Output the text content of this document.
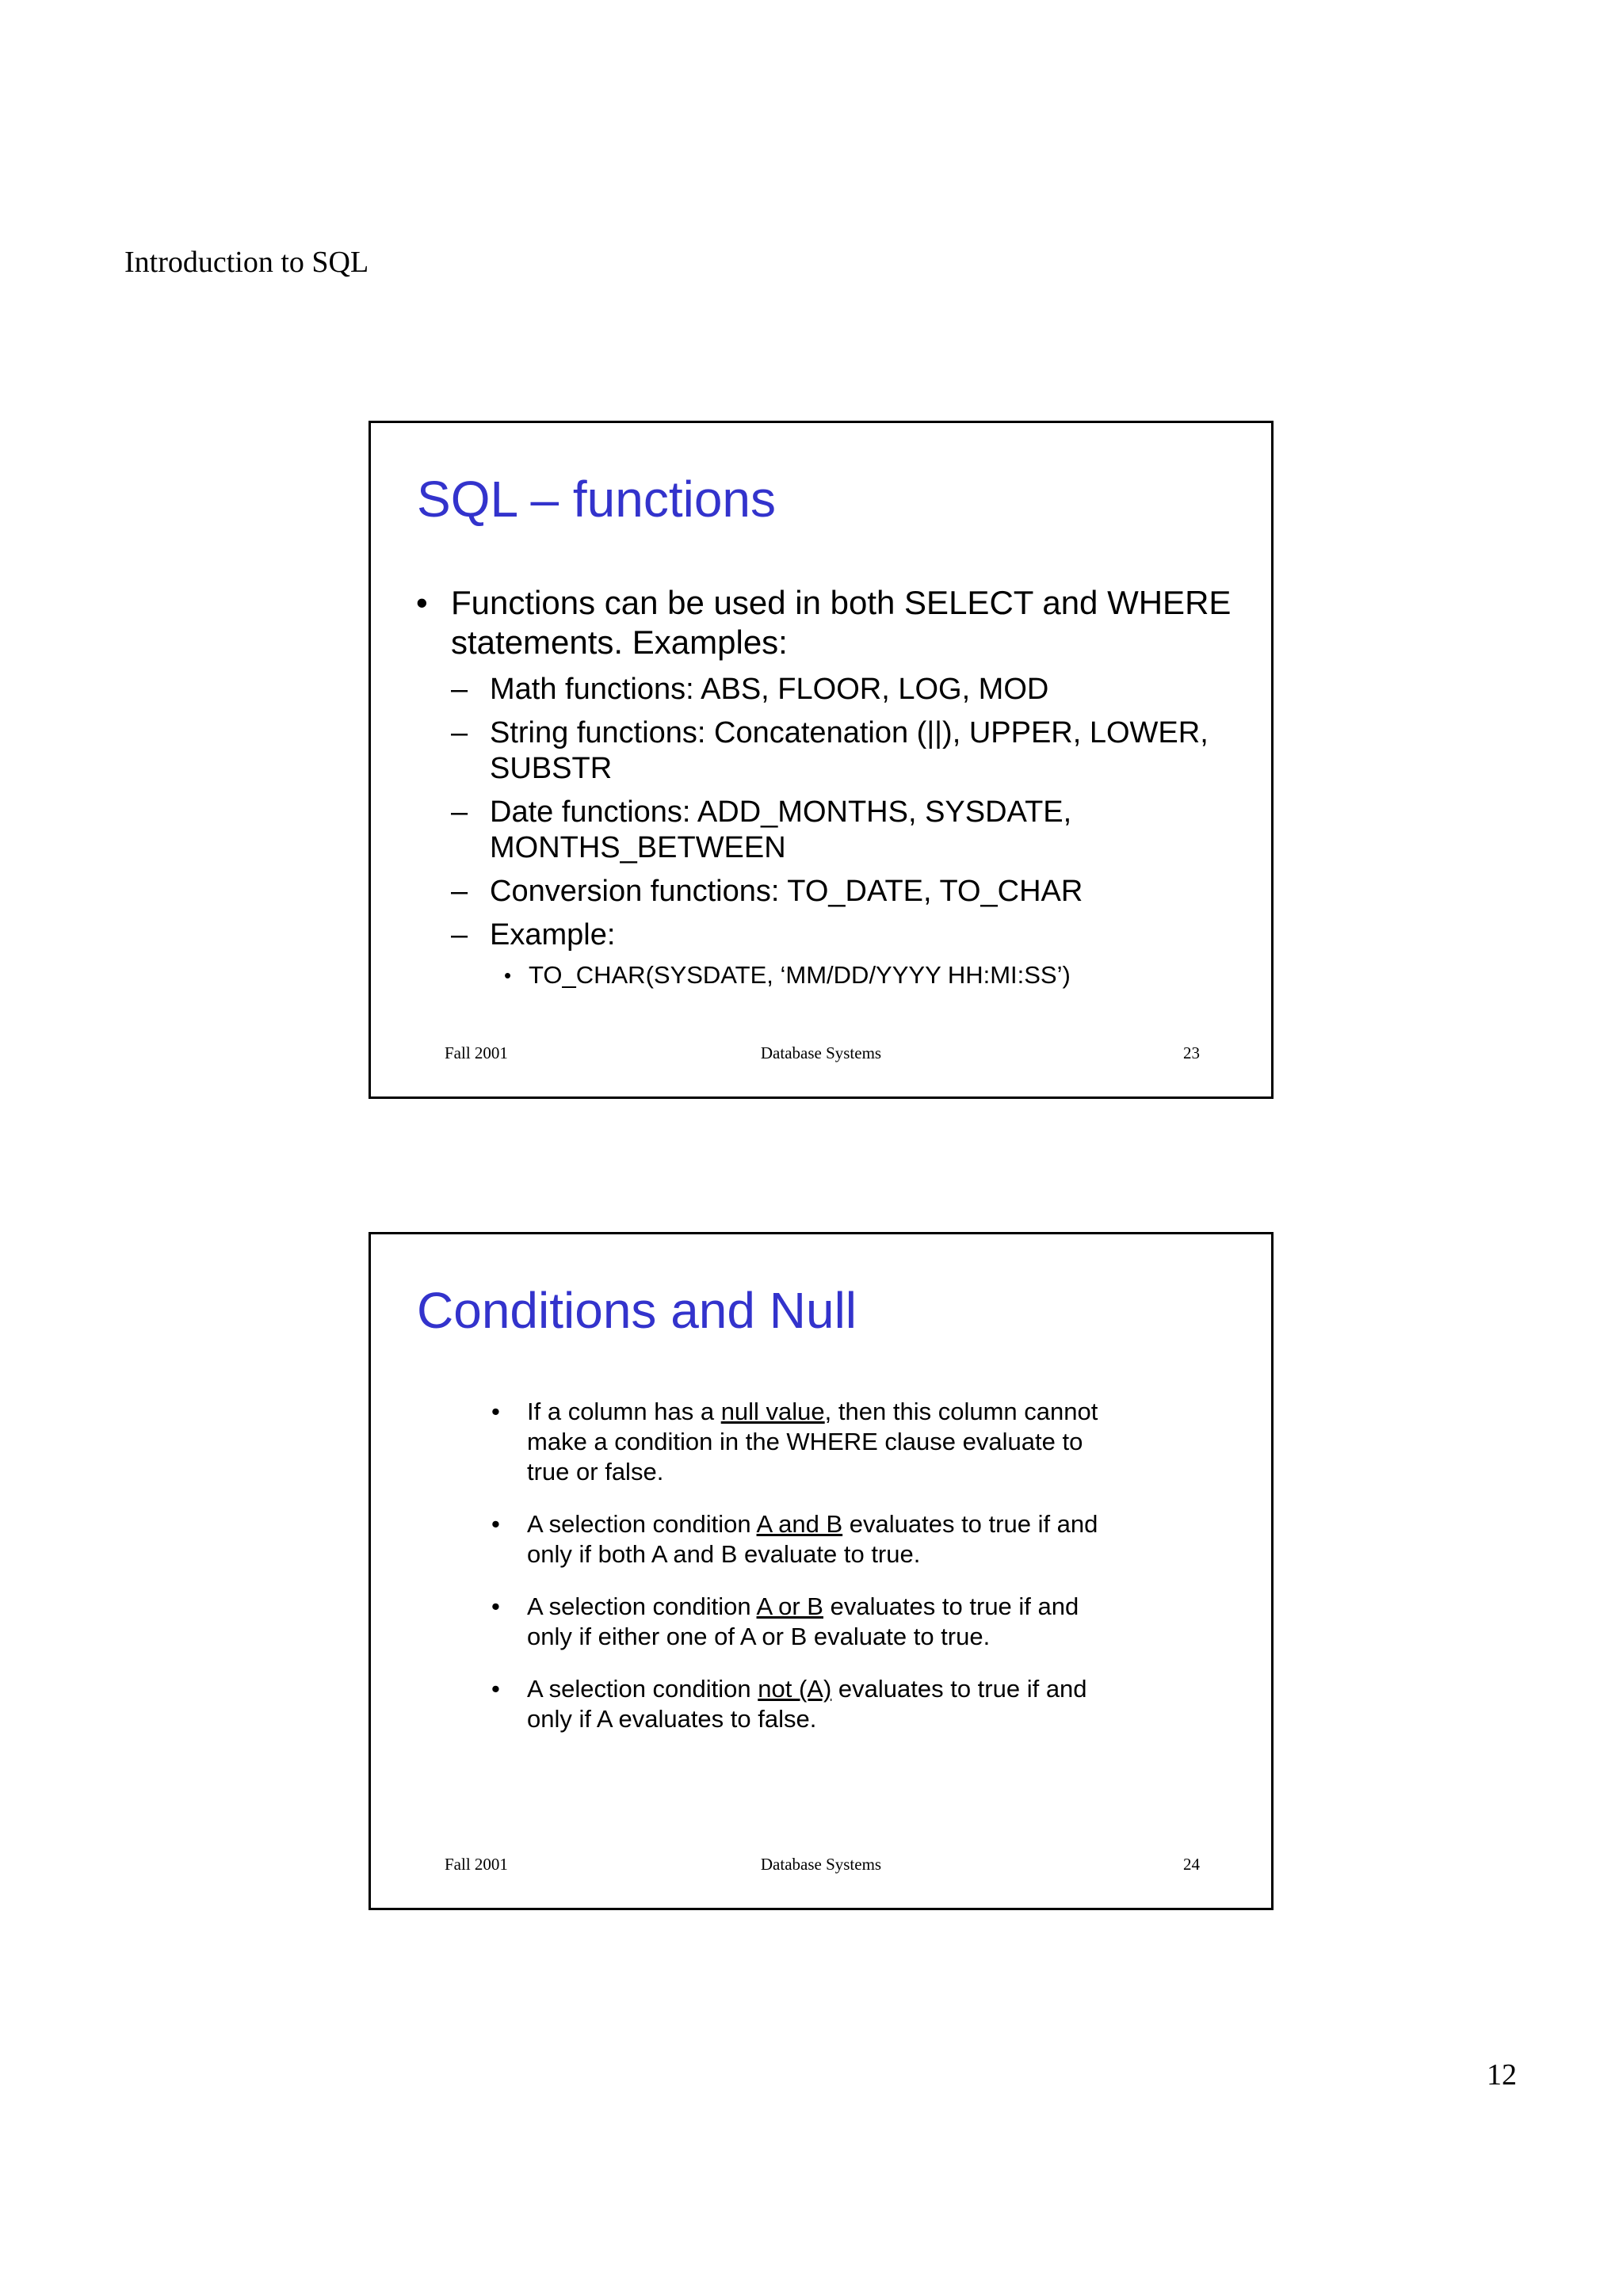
Introduction to SQL
SQL – functions
• Functions can be used in both SELECT and WHERE statements. Examples:
– Math functions: ABS, FLOOR, LOG, MOD
– String functions: Concatenation (||), UPPER, LOWER, SUBSTR
– Date functions: ADD_MONTHS, SYSDATE, MONTHS_BETWEEN
– Conversion functions: TO_DATE, TO_CHAR
– Example:
• TO_CHAR(SYSDATE, ‘MM/DD/YYYY HH:MI:SS’)
Fall 2001	Database Systems	23
Conditions and Null
• If a column has a null value, then this column cannot make a condition in the WHERE clause evaluate to true or false.
• A selection condition A and B evaluates to true if and only if both A and B evaluate to true.
• A selection condition A or B evaluates to true if and only if either one of A or B evaluate to true.
• A selection condition not (A) evaluates to true if and only if A evaluates to false.
Fall 2001	Database Systems	24
12
